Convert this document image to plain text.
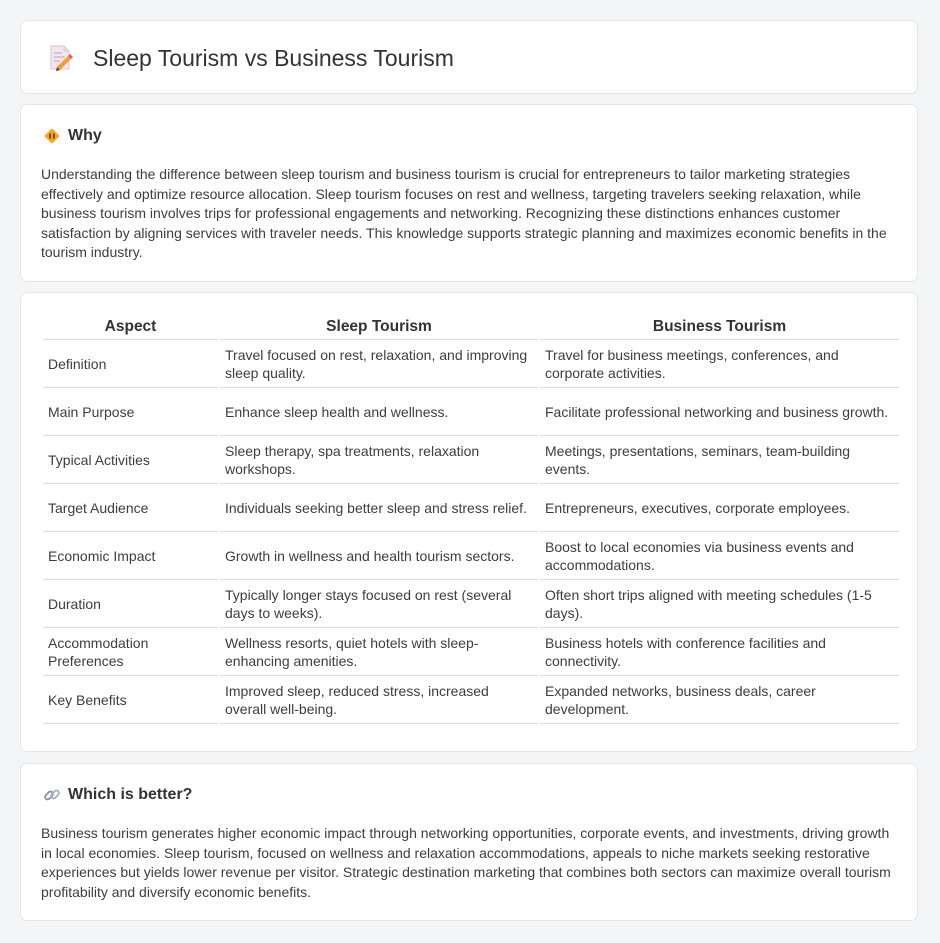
Sleep Tourism vs Business Tourism
Why

Understanding the difference between sleep tourism and business tourism is crucial for entrepreneurs to tailor marketing strategies effectively and optimize resource allocation. Sleep tourism focuses on rest and wellness, targeting travelers seeking relaxation, while business tourism involves trips for professional engagements and networking. Recognizing these distinctions enhances customer satisfaction by aligning services with traveler needs. This knowledge supports strategic planning and maximizes economic benefits in the tourism industry.

Aspect	Sleep Tourism	Business Tourism
Definition	Travel focused on rest, relaxation, and improving sleep quality.	Travel for business meetings, conferences, and corporate activities.
Main Purpose	Enhance sleep health and wellness.	Facilitate professional networking and business growth.
Typical Activities	Sleep therapy, spa treatments, relaxation workshops.	Meetings, presentations, seminars, team-building events.
Target Audience	Individuals seeking better sleep and stress relief.	Entrepreneurs, executives, corporate employees.
Economic Impact	Growth in wellness and health tourism sectors.	Boost to local economies via business events and accommodations.
Duration	Typically longer stays focused on rest (several days to weeks).	Often short trips aligned with meeting schedules (1-5 days).
Accommodation Preferences	Wellness resorts, quiet hotels with sleep-enhancing amenities.	Business hotels with conference facilities and connectivity.
Key Benefits	Improved sleep, reduced stress, increased overall well-being.	Expanded networks, business deals, career development.
Which is better?

Business tourism generates higher economic impact through networking opportunities, corporate events, and investments, driving growth in local economies. Sleep tourism, focused on wellness and relaxation accommodations, appeals to niche markets seeking restorative experiences but yields lower revenue per visitor. Strategic destination marketing that combines both sectors can maximize overall tourism profitability and diversify economic benefits.
